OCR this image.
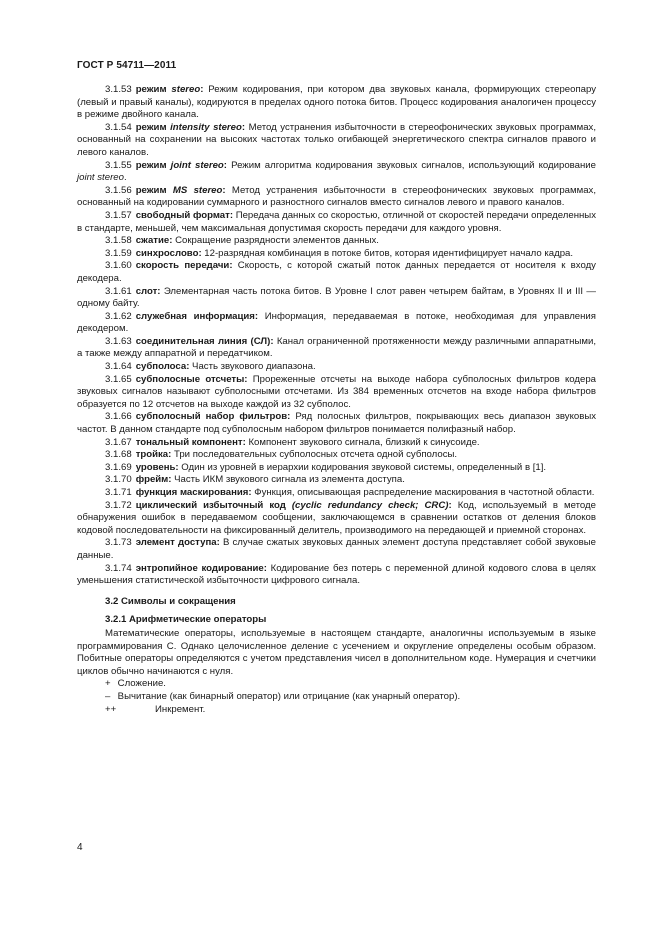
ГОСТ Р 54711—2011

3.1.53 режим stereo: Режим кодирования, при котором два звуковых канала, формирующих стереопару (левый и правый каналы), кодируются в пределах одного потока битов. Процесс кодирования аналогичен процессу в режиме двойного канала.

3.1.54 режим intensity stereo: Метод устранения избыточности в стереофонических звуковых программах, основанный на сохранении на высоких частотах только огибающей энергетического спектра сигналов правого и левого каналов.

3.1.55 режим joint stereo: Режим алгоритма кодирования звуковых сигналов, использующий кодирование joint stereo.

3.1.56 режим MS stereo: Метод устранения избыточности в стереофонических звуковых программах, основанный на кодировании суммарного и разностного сигналов вместо сигналов левого и правого каналов.

3.1.57 свободный формат: Передача данных со скоростью, отличной от скоростей передачи определенных в стандарте, меньшей, чем максимальная допустимая скорость передачи для каждого уровня.

3.1.58 сжатие: Сокращение разрядности элементов данных.

3.1.59 синхрослово: 12-разрядная комбинация в потоке битов, которая идентифицирует начало кадра.

3.1.60 скорость передачи: Скорость, с которой сжатый поток данных передается от носителя к входу декодера.

3.1.61 слот: Элементарная часть потока битов. В Уровне I слот равен четырем байтам, в Уровнях II и III — одному байту.

3.1.62 служебная информация: Информация, передаваемая в потоке, необходимая для управления декодером.

3.1.63 соединительная линия (СЛ): Канал ограниченной протяженности между различными аппаратными, а также между аппаратной и передатчиком.

3.1.64 субполоса: Часть звукового диапазона.

3.1.65 субполосные отсчеты: Прореженные отсчеты на выходе набора субполосных фильтров кодера звуковых сигналов называют субполосными отсчетами. Из 384 временных отсчетов на входе набора фильтров образуется по 12 отсчетов на выходе каждой из 32 субполос.

3.1.66 субполосный набор фильтров: Ряд полосных фильтров, покрывающих весь диапазон звуковых частот. В данном стандарте под субполосным набором фильтров понимается полифазный набор.

3.1.67 тональный компонент: Компонент звукового сигнала, близкий к синусоиде.

3.1.68 тройка: Три последовательных субполосных отсчета одной субполосы.

3.1.69 уровень: Один из уровней в иерархии кодирования звуковой системы, определенный в [1].

3.1.70 фрейм: Часть ИКМ звукового сигнала из элемента доступа.

3.1.71 функция маскирования: Функция, описывающая распределение маскирования в частотной области.

3.1.72 циклический избыточный код (cyclic redundancy check; CRC): Код, используемый в методе обнаружения ошибок в передаваемом сообщении, заключающемся в сравнении остатков от деления блоков кодовой последовательности на фиксированный делитель, производимого на передающей и приемной сторонах.

3.1.73 элемент доступа: В случае сжатых звуковых данных элемент доступа представляет собой звуковые данные.

3.1.74 энтропийное кодирование: Кодирование без потерь с переменной длиной кодового слова в целях уменьшения статистической избыточности цифрового сигнала.

3.2 Символы и сокращения

3.2.1 Арифметические операторы

Математические операторы, используемые в настоящем стандарте, аналогичны используемым в языке программирования С. Однако целочисленное деление с усечением и округление определены особым образом. Побитные операторы определяются с учетом представления чисел в дополнительном коде. Нумерация и счетчики циклов обычно начинаются с нуля.

+ Сложение.

– Вычитание (как бинарный оператор) или отрицание (как унарный оператор).

++	Инкремент.

4
